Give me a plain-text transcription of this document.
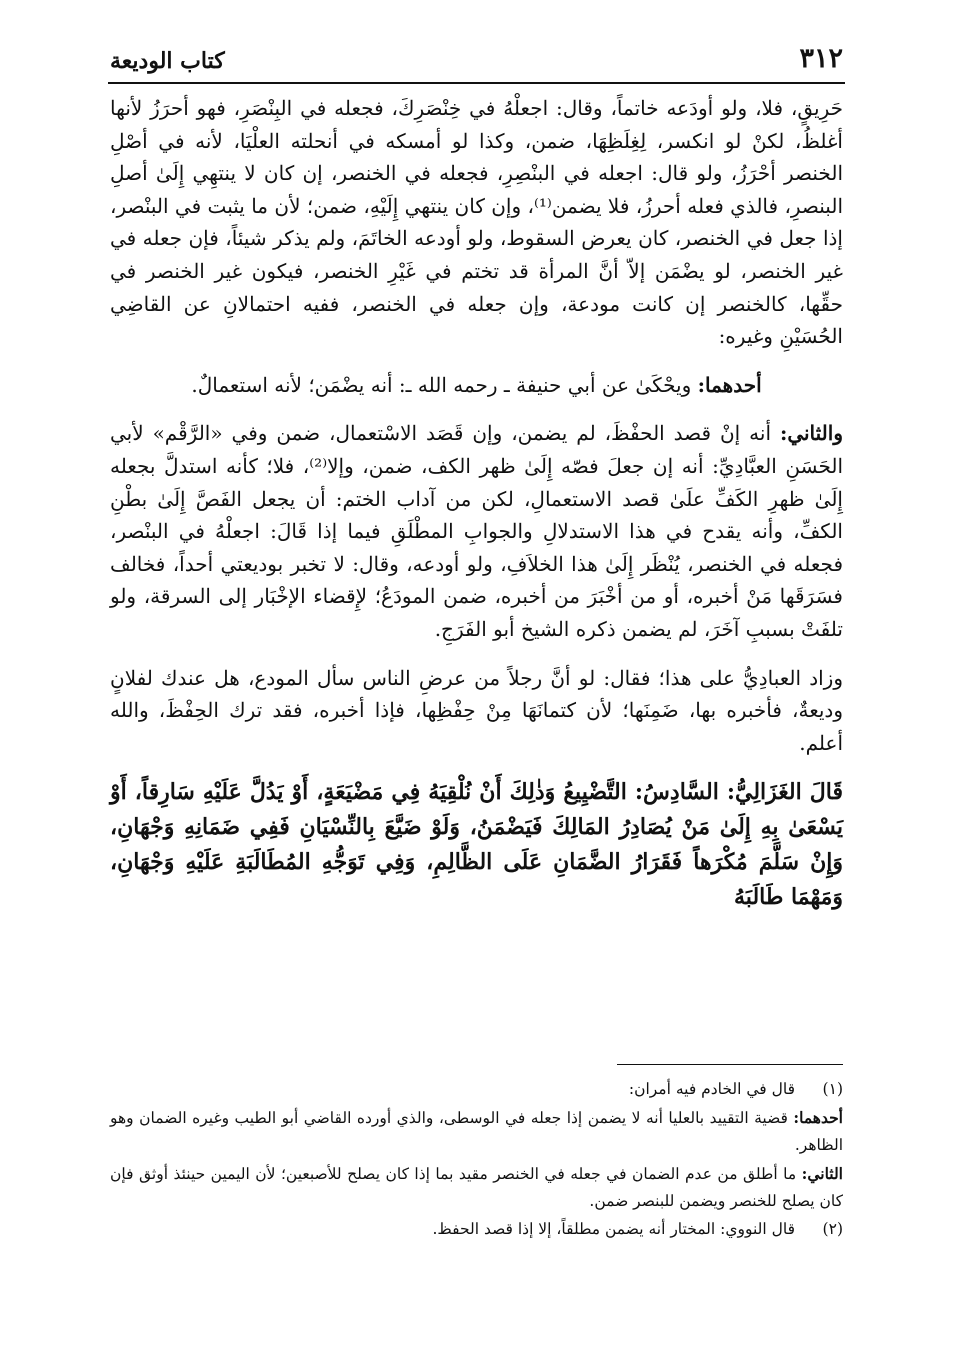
٣١٢
كتاب الوديعة

حَرِيقٍ، فلا، ولو أودَعه خاتماً، وقال: اجعلْهُ في خِنْصَرِكَ، فجعله في البِنْصَرِ، فهو أحرَزُ لأنها أغلظُ، لكنْ لو انكسر، لِغِلَظِهَا، ضمن، وكذا لو أمسكه في أنحلته العلْيَا، لأنه في أصْلِ الخنصر أحْرَزُ، ولو قال: اجعله في البنْصِرِ، فجعله في الخنصر، إن كان لا ينتهِي إِلَىٰ أصلِ البنصرِ، فالذي فعله أحرزُ، فلا يضمن⁽¹⁾، وإن كان ينتهي إِلَيْهِ، ضمن؛ لأن ما يثبت في البنْصر، إذا جعل في الخنصر، كان يعرض السقوط، ولو أودعه الخاتَمَ، ولم يذكر شيئاً، فإن جعله في غير الخنصر، لو يضْمَن إلاّ أنَّ المرأة قد تختم في غَيْرِ الخنصر، فيكون غير الخنصر في حقِّها، كالخنصر إن كانت مودعة، وإن جعله في الخنصر، ففيه احتمالانِ عن القاضِي الحُسَيْنِ وغيره:

أحدهما: ويحْكَىٰ عن أبي حنيفة ـ رحمه الله ـ: أنه يضْمَن؛ لأنه استعمالٌ.

والثاني: أنه إنْ قصد الحفْظَ، لم يضمن، وإن قَصَد الاسْتعمال، ضمن وفي «الرَّقْم» لأبي الحَسَنِ العبَّادِيِّ: أنه إن جعلَ فصّه إِلَىٰ ظهر الكف، ضمن، وإلا⁽²⁾، فلا؛ كأنه استدلَّ بجعله إِلَىٰ ظهرِ الكَفِّ علَىٰ قصد الاستعمالِ، لكن من آداب الختم: أن يجعل الفَصَّ إِلَىٰ بطْنِ الكفِّ، وأنه يقدح في هذا الاستدلالِ والجوابِ المطْلَقِ فيما إذا قَالَ: اجعلْهُ في البنْصر، فجعله في الخنصر، يُنْظَر إِلَىٰ هذا الخلاَفِ، ولو أودعه، وقال: لا تخبر بوديعتي أحداً، فخالف فسَرَقَها مَنْ أخبره، أو من أخْبَرَ من أخبره، ضمن المودَعُ؛ لإِقضاء الإخْبَار إلى السرقة، ولو تلفَتْ بسببِ آخَرَ، لم يضمن ذكره الشيخ أبو الفَرَجِ.

وزاد العبادِيُّ على هذا؛ فقال: لو أنَّ رجلاً من عرضِ الناس سأل المودع، هل عندك لفلانٍ وديعةٌ، فأخبره بها، ضَمِنَها؛ لأن كتمانَهَا مِنْ حِفْظِها، فإذا أخبره، فقد ترك الحِفْظَ، والله أعلم.

قَالَ الغَزَالِيُّ: السَّادِسُ: التَّضْيِيعُ وَذٰلِكَ أَنْ نُلْقِيَهُ فِي مَضْيَعَةٍ، أَوْ يَدُلَّ عَلَيْهِ سَارِقاً، أَوْ يَسْعَىٰ بِهِ إِلَىٰ مَنْ يُصَادِرُ المَالِكَ فَيَضْمَنُ، وَلَوْ ضَيَّعَ بِالنِّسْيَانِ فَفِي ضَمَانِهِ وَجْهَانِ، وَإِنْ سَلَّمَ مُكْرَهاً فَقَرَارُ الضَّمَانِ عَلَى الظَّالِمِ، وَفِي تَوَجُّهِ المُطَالَبَةِ عَلَيْهِ وَجْهَانِ، وَمَهْمَا طَالَبَهُ

(١)
قال في الخادم فيه أمران:
أحدهما: قضية التقييد بالعليا أنه لا يضمن إذا جعله في الوسطى، والذي أورده القاضي أبو الطيب وغيره الضمان وهو الظاهر.
الثاني: ما أطلق من عدم الضمان في جعله في الخنصر مقيد بما إذا كان يصلح للأصبعين؛ لأن اليمين حينئذ أوثق فإن كان يصلح للخنصر ويضمن للبنصر ضمن.
(٢)
قال النووي: المختار أنه يضمن مطلقاً، إلا إذا قصد الحفظ.
